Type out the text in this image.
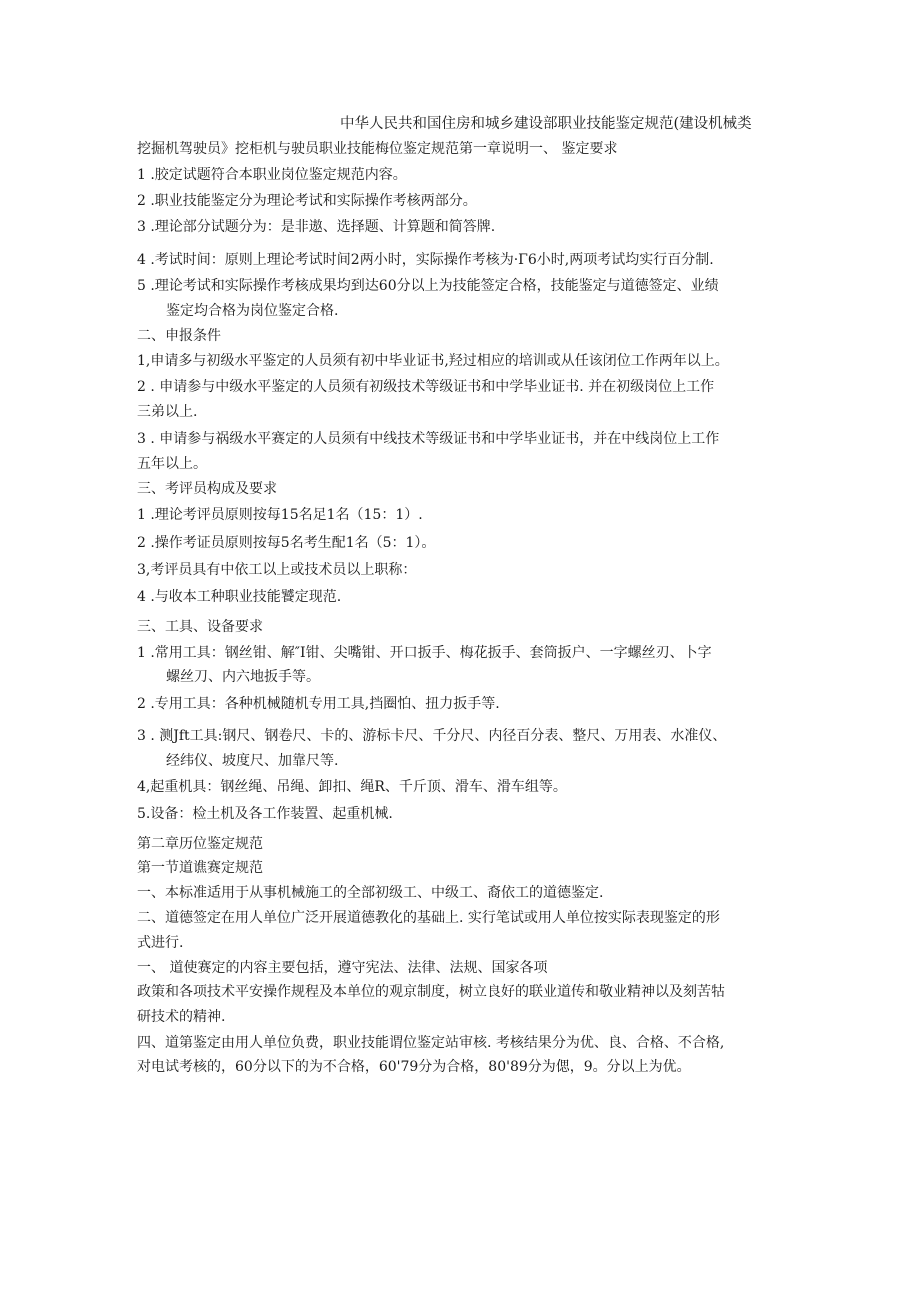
中华人民共和国住房和城乡建设部职业技能鉴定规范(建设机械类
挖掘机驾驶员》挖柜机与驶员职业技能梅位鉴定规范第一章说明一、 鉴定要求
1 .胶定试题符合本职业岗位鉴定规范内容。
2 .职业技能鉴定分为理论考试和实际操作考核两部分。
3 .理论部分试题分为：是非遨、选择题、计算题和简答牌.
4 .考试时间：原则上理论考试时间2两小时，实际操作考核为·Γ6小时,两项考试均实行百分制.
5 .理论考试和实际操作考核成果均到达60分以上为技能签定合格，技能鉴定与道德签定、业绩
鉴定均合格为岗位鉴定合格.
二、申报条件
1,申请多与初级水平鉴定的人员须有初中毕业证书,羟过相应的培训或从任该闭位工作两年以上。
2 . 申请参与中级水平鉴定的人员须有初级技术等级证书和中学毕业证书. 并在初级岗位上工作
三弟以上.
3 . 申请参与祸级水平赛定的人员须有中线技术等级证书和中学毕业证书，并在中线岗位上工作
五年以上。
三、考评员构成及要求
1 .理论考评员原则按每15名足1名（15：1）.
2 .操作考证员原则按每5名考生配1名（5：1）。
3,考评员具有中依工以上或技术员以上职称：
4 .与收本工种职业技能饕定现范.
三、工具、设备要求
1 .常用工具：钢丝钳、解″I钳、尖嘴钳、开口扳手、梅花扳手、套筒扳户、一字螺丝刃、卜字
螺丝刀、内六地扳手等。
2 .专用工具：各种机械随机专用工具,挡圈怕、扭力扳手等.
3 . 测Jft工具:钢尺、钢卷尺、卡的、游标卡尺、千分尺、内径百分表、整尺、万用表、水准仪、
经纬仪、坡度尺、加靠尺等.
4,起重机具：钢丝绳、吊绳、卸扣、绳R、千斤顶、滑车、滑车组等。
5.设备：检土机及各工作装置、起重机械.
第二章历位鉴定规范
第一节道谯赛定规范
一、本标准适用于从事机械施工的全部初级工、中级工、裔依工的道德鉴定.
二、道德签定在用人单位广泛开展道德教化的基础上. 实行笔试或用人单位按实际表现鉴定的形
式进行.
一、 道使赛定的内容主要包括，遵守宪法、法律、法规、国家各项
政策和各项技术平安操作规程及本单位的观京制度，树立良好的联业道传和敬业精神以及刻苦牯
研技术的精神.
四、道第鉴定由用人单位负费，职业技能谓位鉴定站审核. 考核结果分为优、良、合格、不合格,
对电试考核的，60分以下的为不合格，60'79分为合格，80'89分为偲，9。分以上为优。
